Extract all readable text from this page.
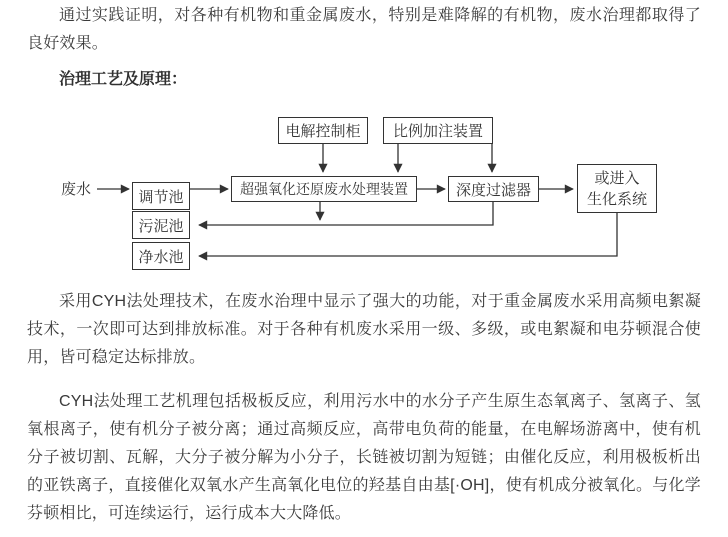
通过实践证明，对各种有机物和重金属废水，特别是难降解的有机物，废水治理都取得了良好效果。

治理工艺及原理：
废水
电解控制柜	比例加注装置
超强氧化还原废水处理装置	深度过滤器
或进入
生化系统
调节池
污泥池
净水池

采用CYH法处理技术，在废水治理中显示了强大的功能，对于重金属废水采用高频电絮凝技术，一次即可达到排放标准。对于各种有机废水采用一级、多级，或电絮凝和电芬顿混合使用，皆可稳定达标排放。

CYH法处理工艺机理包括极板反应，利用污水中的水分子产生原生态氧离子、氢离子、氢氧根离子，使有机分子被分离；通过高频反应，高带电负荷的能量，在电解场游离中，使有机分子被切割、瓦解，大分子被分解为小分子，长链被切割为短链；由催化反应，利用极板析出的亚铁离子，直接催化双氧水产生高氧化电位的羟基自由基[·OH]，使有机成分被氧化。与化学芬顿相比，可连续运行，运行成本大大降低。
